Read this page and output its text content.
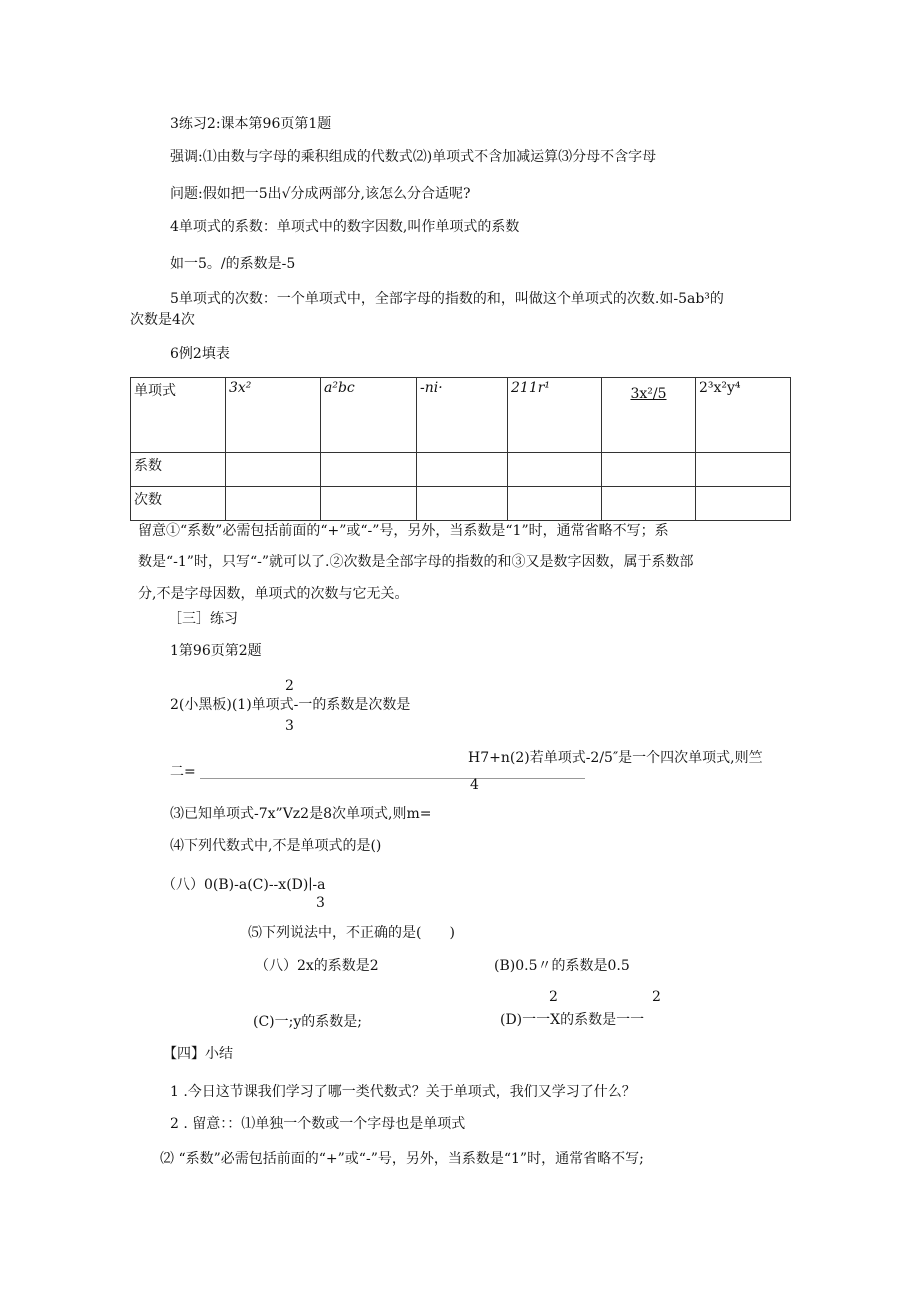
3练习2:课本第96页第1题
强调:⑴由数与字母的乘积组成的代数式⑵)单项式不含加减运算⑶分母不含字母
问题:假如把一5出√分成两部分,该怎么分合适呢?
4单项式的系数：单项式中的数字因数,叫作单项式的系数
如一5。/的系数是-5
5单项式的次数：一个单项式中，全部字母的指数的和，叫做这个单项式的次数.如-5ab³的
次数是4次
6例2填表
单项式	3x²	a²bc	-ni·	211r¹	3x²/5	2³x²y⁴
系数						
次数						
留意①“系数”必需包括前面的“+”或“-”号，另外，当系数是“1”时，通常省略不写；系
数是“-1”时，只写“-”就可以了.②次数是全部字母的指数的和③又是数字因数，属于系数部
分,不是字母因数，单项式的次数与它无关。
［三］练习
1第96页第2题
2
2(小黑板)(1)单项式-一的系数是次数是
3
H7+n(2)若单项式-2/5″是一个四次单项式,则竺
二=
4
⑶已知单项式-7x”Vz2是8次单项式,则m=
⑷下列代数式中,不是单项式的是()
（八）0(B)-a(C)--x(D)∣-a
3
⑸下列说法中，不正确的是(　　)
（八）2x的系数是2	(B)0.5〃的系数是0.5
2	2
(C)一;y的系数是;	(D)一一X的系数是一一
【四】小结
1 .今日这节课我们学习了哪一类代数式？关于单项式，我们又学习了什么？
2 . 留意：：⑴单独一个数或一个字母也是单项式
⑵ “系数”必需包括前面的“+”或“-”号，另外，当系数是“1”时，通常省略不写;
